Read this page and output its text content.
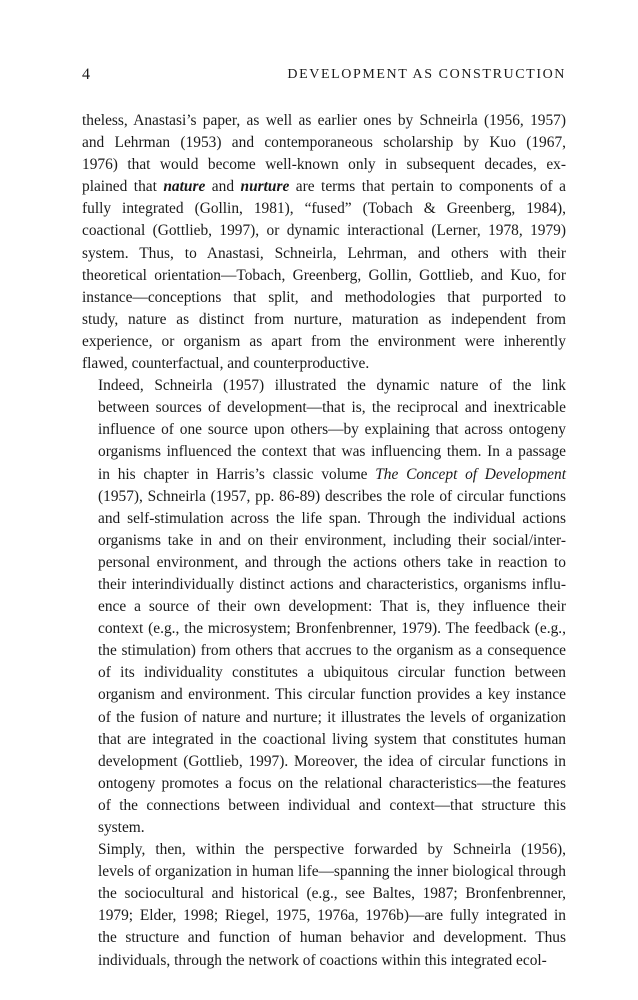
4	DEVELOPMENT AS CONSTRUCTION

theless, Anastasi’s paper, as well as earlier ones by Schneirla (1956, 1957)
and Lehrman (1953) and contemporaneous scholarship by Kuo (1967,
1976) that would become well-known only in subsequent decades, ex-
plained that nature and nurture are terms that pertain to components of a
fully integrated (Gollin, 1981), “fused” (Tobach & Greenberg, 1984),
coactional (Gottlieb, 1997), or dynamic interactional (Lerner, 1978, 1979)
system. Thus, to Anastasi, Schneirla, Lehrman, and others with their
theoretical orientation—Tobach, Greenberg, Gollin, Gottlieb, and Kuo, for
instance—conceptions that split, and methodologies that purported to
study, nature as distinct from nurture, maturation as independent from
experience, or organism as apart from the environment were inherently
flawed, counterfactual, and counterproductive.

Indeed, Schneirla (1957) illustrated the dynamic nature of the link
between sources of development—that is, the reciprocal and inextricable
influence of one source upon others—by explaining that across ontogeny
organisms influenced the context that was influencing them. In a passage
in his chapter in Harris’s classic volume The Concept of Development
(1957), Schneirla (1957, pp. 86-89) describes the role of circular functions
and self-stimulation across the life span. Through the individual actions
organisms take in and on their environment, including their social/inter-
personal environment, and through the actions others take in reaction to
their interindividually distinct actions and characteristics, organisms influ-
ence a source of their own development: That is, they influence their
context (e.g., the microsystem; Bronfenbrenner, 1979). The feedback (e.g.,
the stimulation) from others that accrues to the organism as a consequence
of its individuality constitutes a ubiquitous circular function between
organism and environment. This circular function provides a key instance
of the fusion of nature and nurture; it illustrates the levels of organization
that are integrated in the coactional living system that constitutes human
development (Gottlieb, 1997). Moreover, the idea of circular functions in
ontogeny promotes a focus on the relational characteristics—the features
of the connections between individual and context—that structure this
system.

Simply, then, within the perspective forwarded by Schneirla (1956),
levels of organization in human life—spanning the inner biological through
the sociocultural and historical (e.g., see Baltes, 1987; Bronfenbrenner,
1979; Elder, 1998; Riegel, 1975, 1976a, 1976b)—are fully integrated in
the structure and function of human behavior and development. Thus
individuals, through the network of coactions within this integrated ecol-
